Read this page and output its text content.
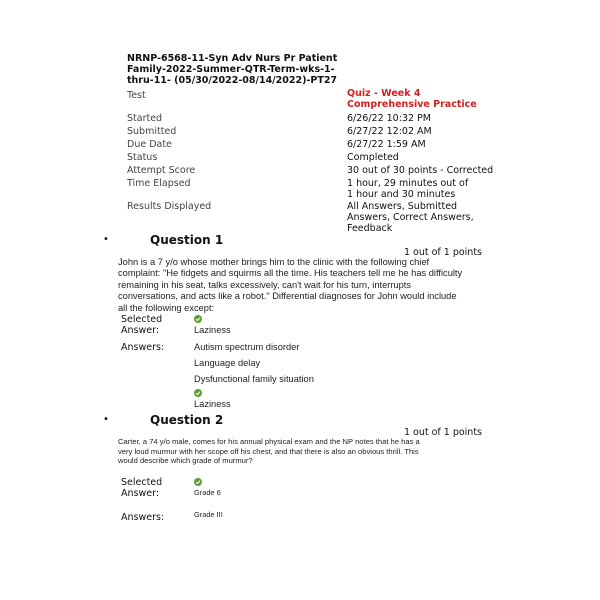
NRNP-6568-11-Syn Adv Nurs Pr Patient Family-2022-Summer-QTR-Term-wks-1-thru-11- (05/30/2022-08/14/2022)-PT27
Test	Quiz - Week 4 Comprehensive Practice
Started	6/26/22 10:32 PM
Submitted	6/27/22 12:02 AM
Due Date	6/27/22 1:59 AM
Status	Completed
Attempt Score	30 out of 30 points - Corrected
Time Elapsed	1 hour, 29 minutes out of 1 hour and 30 minutes
Results Displayed	All Answers, Submitted Answers, Correct Answers, Feedback
•	Question 1
1 out of 1 points
John is a 7 y/o whose mother brings him to the clinic with the following chief complaint: "He fidgets and squirms all the time. His teachers tell me he has difficulty remaining in his seat, talks excessively, can't wait for his turn, interrupts conversations, and acts like a robot." Differential diagnoses for John would include all the following except:
Selected Answer:	Laziness
Answers:	Autism spectrum disorder
Language delay
Dysfunctional family situation
Laziness
•	Question 2
1 out of 1 points
Carter, a 74 y/o male, comes for his annual physical exam and the NP notes that he has a very loud murmur with her scope off his chest, and that there is also an obvious thrill. This would describe which grade of murmur?
Selected Answer:	Grade 6
Answers:	Grade III
